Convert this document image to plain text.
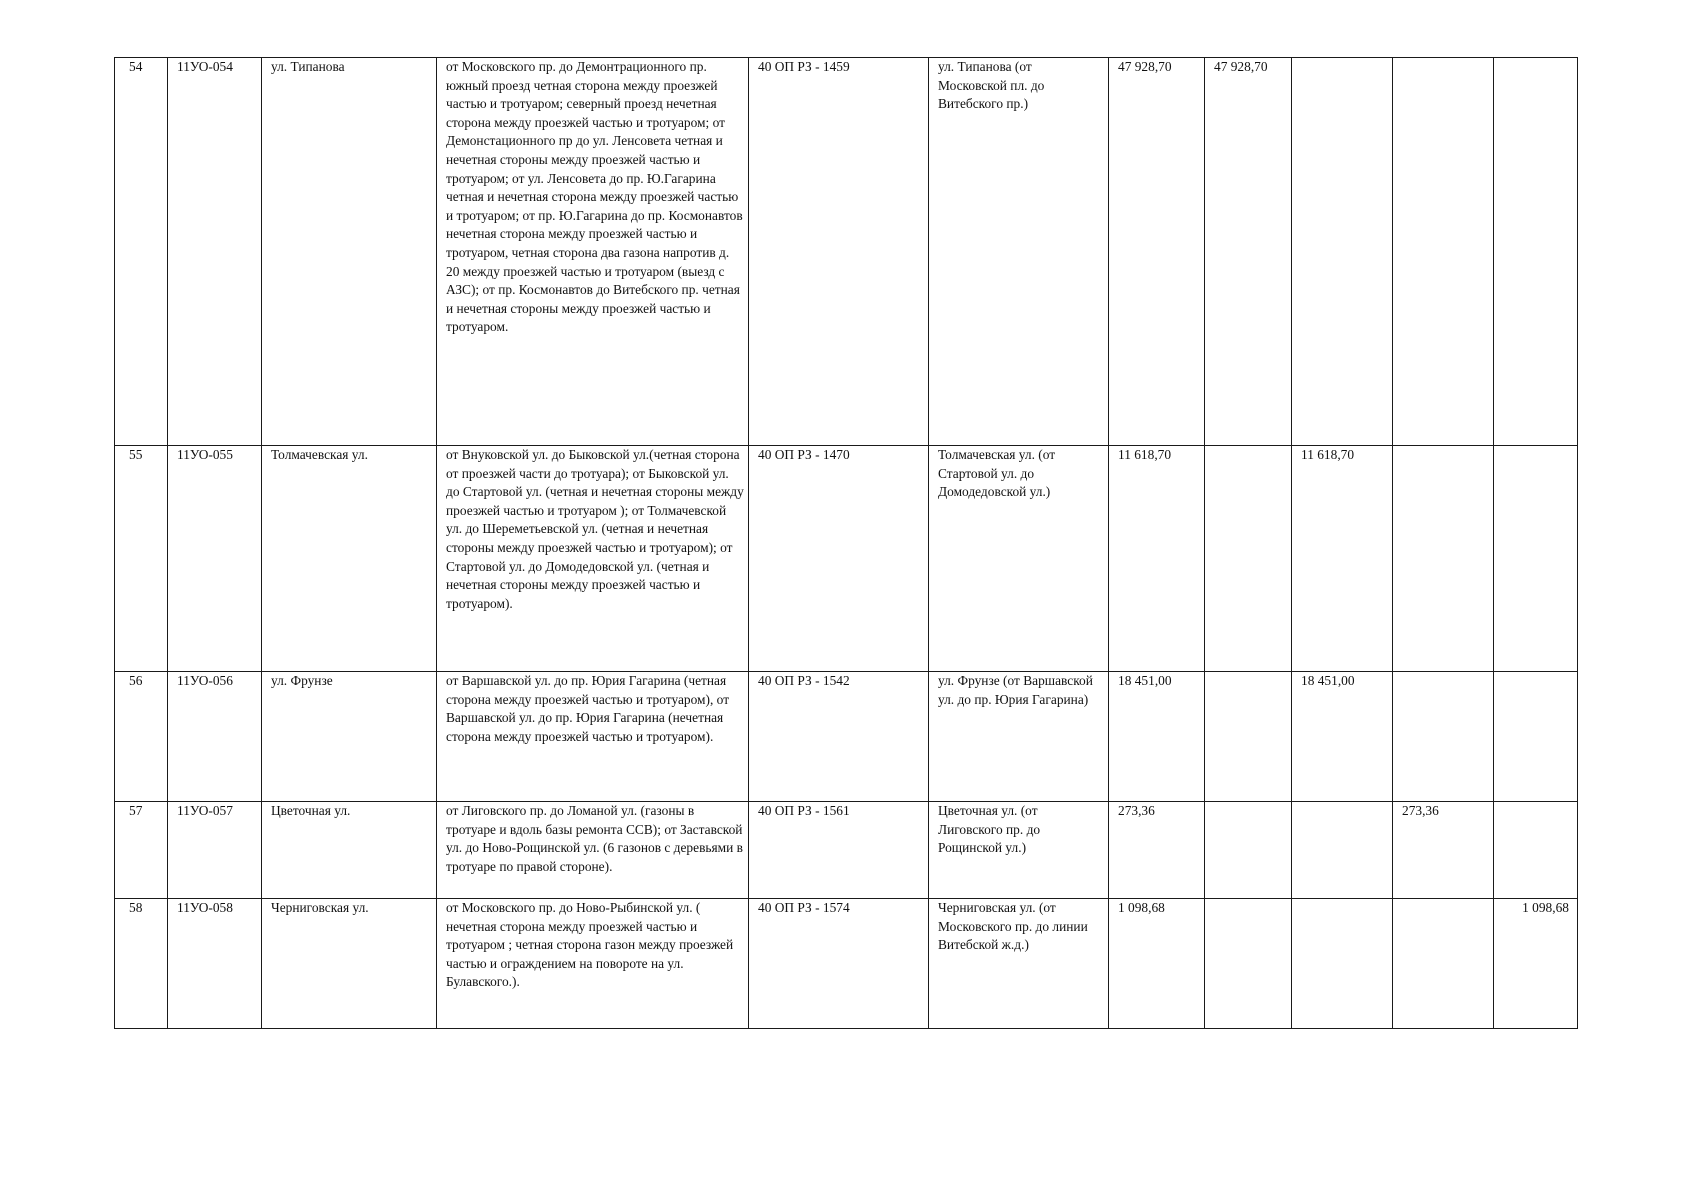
54	11УО-054	ул. Типанова	от Московского пр. до Демонтрационного пр. южный проезд четная сторона между проезжей частью и тротуаром; северный проезд нечетная сторона между проезжей частью и тротуаром; от Демонстационного пр до ул. Ленсовета четная и нечетная стороны между проезжей частью и тротуаром; от ул. Ленсовета до пр. Ю.Гагарина четная и нечетная сторона между проезжей частью и тротуаром; от пр. Ю.Гагарина до пр. Космонавтов нечетная сторона между проезжей частью и тротуаром, четная сторона два газона напротив д. 20 между проезжей частью и тротуаром (выезд с АЗС); от пр. Космонавтов до Витебского пр. четная и нечетная стороны между проезжей частью и тротуаром.	40 ОП РЗ - 1459	ул. Типанова (от Московской пл. до Витебского пр.)	47 928,70	47 928,70			
55	11УО-055	Толмачевская ул.	от Внуковской ул. до Быковской ул.(четная сторона от проезжей части до тротуара); от Быковской ул. до Стартовой ул. (четная и нечетная стороны между проезжей частью и тротуаром ); от Толмачевской ул. до Шереметьевской ул. (четная и нечетная стороны между проезжей частью и тротуаром); от Стартовой ул. до Домодедовской ул. (четная и нечетная стороны между проезжей частью и тротуаром).	40 ОП РЗ - 1470	Толмачевская ул. (от Стартовой ул. до Домодедовской ул.)	11 618,70		11 618,70		
56	11УО-056	ул. Фрунзе	от Варшавской ул. до пр. Юрия Гагарина (четная сторона между проезжей частью и тротуаром), от Варшавской ул. до пр. Юрия Гагарина (нечетная сторона между проезжей частью и тротуаром).	40 ОП РЗ - 1542	ул. Фрунзе (от Варшавской ул. до пр. Юрия Гагарина)	18 451,00		18 451,00		
57	11УО-057	Цветочная ул.	от Лиговского пр. до Ломаной ул. (газоны в тротуаре и вдоль базы ремонта ССВ); от Заставской ул. до Ново-Рощинской ул. (6 газонов с деревьями в тротуаре по правой стороне).	40 ОП РЗ - 1561	Цветочная ул. (от Лиговского пр. до Рощинской ул.)	273,36			273,36	
58	11УО-058	Черниговская ул.	от Московского пр. до Ново-Рыбинской ул. ( нечетная сторона между проезжей частью и тротуаром ; четная сторона газон между проезжей частью и ограждением на повороте на ул. Булавского.).	40 ОП РЗ - 1574	Черниговская ул. (от Московского пр. до линии Витебской ж.д.)	1 098,68				1 098,68
